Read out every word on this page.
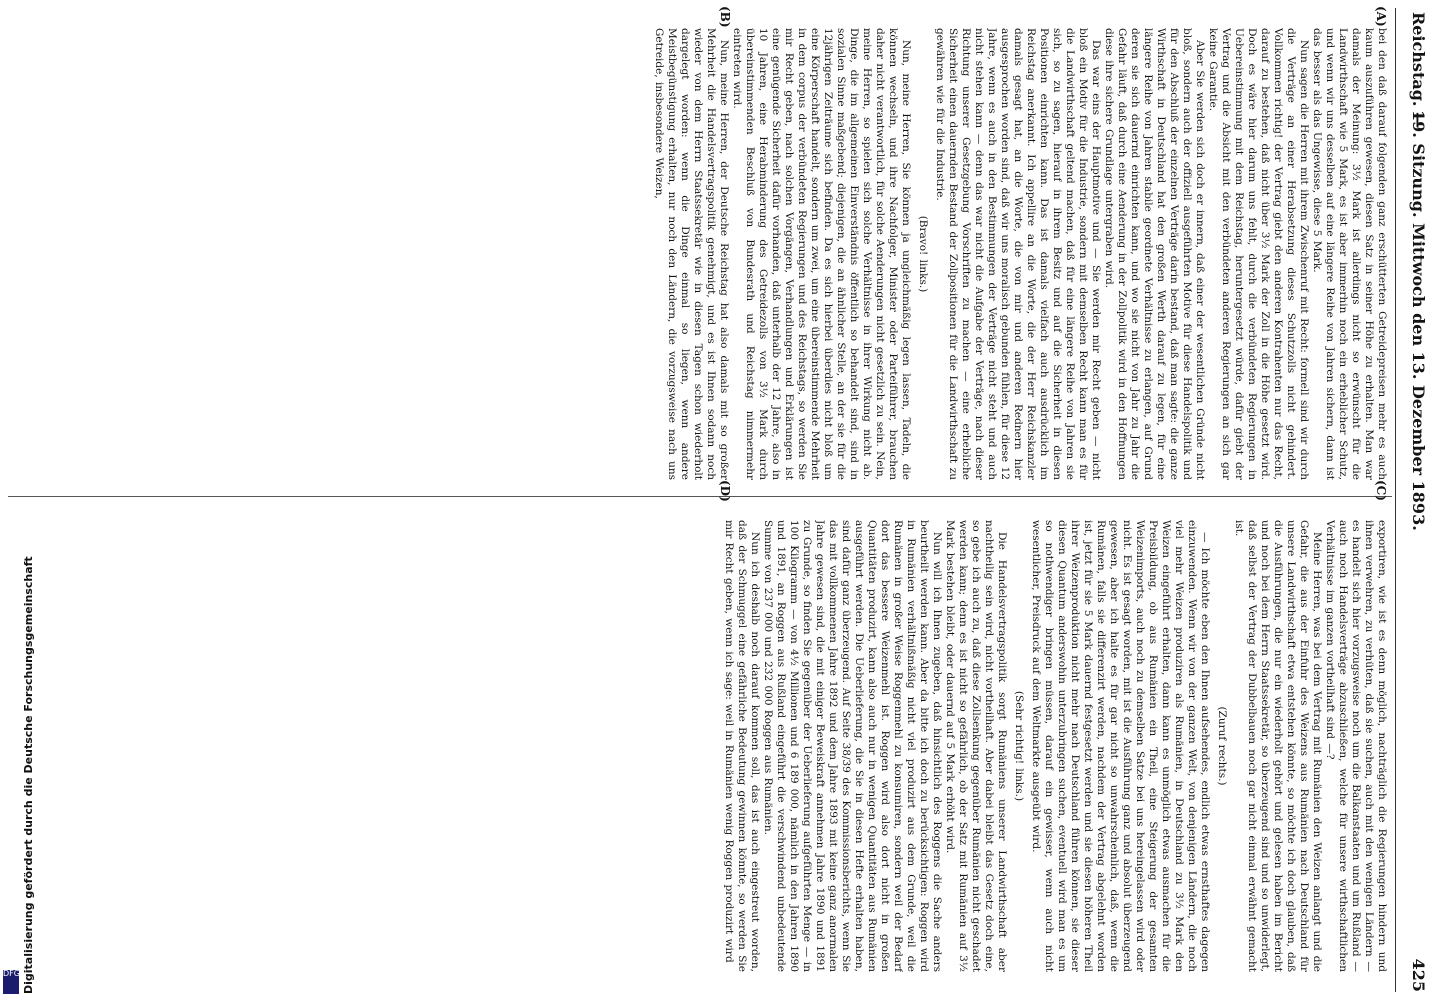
Reichstag. —
19. Sitzung. Mittwoch den 13. Dezember 1893.
425
(A)
(B)
(C)
(D)

bei den daß darauf folgenden ganz erschütterten Getreidepreisen mehr es auch kaum auszuführen gewesen, diesen Satz in seiner Höhe zu erhalten. Man war damals der Meinung: 3½ Mark ist allerdings nicht so erwünscht für die Landwirthschaft wie 5 Mark, es ist aber immerhin noch ein erheblicher Schutz, und wenn wir uns desselben auf eine längere Reihe von Jahren sichern, dann ist das besser als das Ungewisse, diese 5 Mark.

Nun sagen die Herren mit ihrem Zwischenruf mit Recht: formell sind wir durch die Verträge an einer Herabsetzung dieses Schutzzolls nicht gehindert. Vollkommen richtig! der Vertrag giebt den anderen Kontrahenten nur das Recht, darauf zu bestehen, daß nicht über 3½ Mark der Zoll in die Höhe gesetzt wird. Doch es wäre hier darum uns fehlt, durch die verbündeten Regierungen in Uebereinstimmung mit dem Reichstag, heruntergesetzt würde, dafür giebt der Vertrag und die Absicht mit den verbündeten anderen Regierungen an sich gar keine Garantie.

Aber Sie werden sich doch er innern, daß einer der wesentlichen Gründe nicht bloß, sondern auch der offiziell ausgeführten Motive für diese Handelspolitik und für den Abschluß der einzelnen Verträge darin bestand, daß man sagte: die ganze Wirthschaft in Deutschland hat den großen Werth darauf zu legen, für eine längere Reihe von Jahren stabile geordnete Verhältnisse zu erlangen, auf Grund deren sie sich dauernd einrichten kann, und wo sie nicht von Jahr zu Jahr die Gefahr läuft, daß durch eine Aenderung in der Zollpolitik wird in den Hoffnungen diese ihre sichere Grundlage untergraben wird.

Das war eins der Hauptmotive und — Sie werden mir Recht geben — nicht bloß ein Motiv für die Industrie, sondern mit demselben Recht kann man es für die Landwirthschaft geltend machen, daß für eine längere Reihe von Jahren sie sich, so zu sagen, hierauf in ihrem Besitz und auf die Sicherheit in diesen Positionen einrichten kann. Das ist damals vielfach auch ausdrücklich im Reichstag anerkannt. Ich appellire an die Worte, die der Herr Reichskanzler damals gesagt hat, an die Worte, die von mir und anderen Rednern hier ausgesprochen worden sind, daß wir uns moralisch gebunden fühlen, für diese 12 Jahre, wenn es auch in den Bestimmungen der Verträge nicht steht und auch nicht stehen kann — denn das war nicht die Aufgabe der Verträge, nach dieser Richtung unserer Gesetzgebung Vorschriften zu machen — eine erhebliche Sicherheit einen dauernden Bestand der Zollpositionen für die Landwirthschaft zu gewähren wie für die Industrie.

(Bravo! links.)

Nun, meine Herren, Sie können ja ungleichmäßig legen lassen, Tadeln, die können wechseln, und ihre Nachfolger, Minister oder Parteiführer, brauchen daher nicht verantwortlich, für solche Aenderungen nicht gesetzlich zu sein. Nein, meine Herren, so spielen sich solche Verhältnisse in ihrer Wirkung nicht ab. Dinge, die im allgemeinen Einverständnis öffentlich so behandelt sind, sind in sozialen Sinne maßgebend; diejenigen, die an ähnlicher Stelle, an der sie für die 12jährigen Zeiträume sich befinden. Da es sich hierbei überdies nicht bloß um eine Körperschaft handelt, sondern um zwei, um eine übereinstimmende Mehrheit in dem corpus der verbündeten Regierungen und des Reichstags, so werden Sie mir Recht geben, nach solchen Vorgängen, Verhandlungen und Erklärungen ist eine genügende Sicherheit dafür vorhanden, daß unterhalb der 12 Jahre, also in 10 Jahren, eine Herabminderung des Getreidezolls von 3½ Mark durch übereinstimmenden Beschluß von Bundesrath und Reichstag nimmermehr eintreten wird.

Nun, meine Herren, der Deutsche Reichstag hat also damals mit so großer Mehrheit die Handelsvertragspolitik genehmigt, und es ist Ihnen sodann noch wieder von dem Herrn Staatssekretär wie in diesen Tagen schon wiederholt dargelegt worden: wenn die Dinge einmal so liegen, wenn andere Meistbegünstigung erhalten, nur noch den Ländern, die vorzugsweise nach uns Getreide, insbesondere Weizen,

exportiren, wie ist es denn möglich, nachträglich die Regierungen hindern und ihnen verwehren, zu verhüten, daß sie suchen, auch mit den wenigen Ländern — es handelt sich hier vorzugsweise noch um die Balkanstaaten und um Rußland — auch noch Handelsverträge abzuschließen, welche für unsere wirthschaftlichen Verhältnisse im ganzen vortheilhaft sind —?

Meine Herren, was bei dem Vertrag mit Rumänien den Weizen anlangt und die Gefahr, die aus der Einfuhr des Weizens aus Rumänien nach Deutschland für unsere Landwirthschaft etwa entstehen könnte, so möchte ich doch glauben, daß die Ausführungen, die nur ein wiederholt gehört und gelesen haben im Bericht und noch bei dem Herrn Staatssekretär, so überzeugend sind und so unwiderlegt, daß selbst der Vertrag der Dubbelbauen noch gar nicht einmal erwähnt gemacht ist.

(Zuruf rechts.)

— Ich möchte eben den Ihnen aufsehendes, endlich etwas ernsthaftes dagegen einzuwenden. Wenn wir von der ganzen Welt, von denjenigen Ländern, die noch viel mehr Weizen produziren als Rumänien, in Deutschland zu 3½ Mark den Weizen eingeführt erhalten, dann kann es unmöglich etwas ausmachen für die Preisbildung, ob aus Rumänien ein Theil, eine Steigerung der gesamten Weizenimports, auch noch zu demselben Satze bei uns hereingelassen wird oder nicht. Es ist gesagt worden, mit ist die Ausführung ganz und absolut überzeugend gewesen, aber ich halte es für gar nicht so unwahrscheinlich, daß, wenn die Rumänen, falls sie differenzirt werden, nachdem der Vertrag abgelehnt worden ist, jetzt für sie 5 Mark dauernd festgesetzt werden und sie diesen höheren Theil ihrer Weizenproduktion nicht mehr nach Deutschland führen können, sie dieser diesen Quantum anderswohin unterzubringen suchen, eventuell wird man es um so nothwendiger bringen müssen, darauf ein gewisser, wenn auch nicht wesentlicher, Preisdruck auf dem Weltmarkte ausgeübt wird.

(Sehr richtig! links.)

Die Handelsvertragspolitik sorgt Rumäniens unserer Landwirthschaft aber nachtheilig sein wird, nicht vortheilhaft. Aber dabei bleibt das Gesetz doch eine, so gebe ich auch zu, daß diese Zollsenkung gegenüber Rumänien nicht geschadet werden kann; denn es ist nicht so gefährlich, ob der Satz mit Rumänien auf 3½ Mark bestehen bleibt, oder dauernd auf 5 Mark erhöht wird.

Nun will ich Ihnen zugeben, daß hinsichtlich des Roggens die Sache anders beurtheilt werden kann. Aber da bitte ich doch zu berücksichtigen: Roggen wird in Rumänien verhältnißmäßig nicht viel produzirt aus dem Grunde, weil die Rumänen in großer Weise Roggenmehl zu konsumiren, sondern weil der Bedarf dort das bessere Weizenmehl ist. Roggen wird also dort nicht in großen Quantitäten produzirt, kann also auch nur in wenigen Quantitäten aus Rumänien ausgeführt werden. Die Ueberlieferung, die Sie in diesen Hefte erhalten haben, sind dafür ganz überzeugend. Auf Seite 38/39 des Kommissionsberichts, wenn Sie das mit vollkommenen Jahre 1892 und dem Jahre 1893 mit keine ganz anormalen Jahre gewesen sind, die mit einiger Beweiskraft annehmen Jahre 1890 und 1891 zu Grunde, so finden Sie gegenüber der Ueberlieferung aufgeführten Menge — in 100 Kilogramm — von 4½ Millionen und 6 189 000, nämlich in den Jahren 1890 und 1891, an Roggen aus Rußland eingeführt die verschwindend unbedeutende Summe von 237 000 und 232 000 Roggen aus Rumänien.

Nun ich deshalb noch darauf kommen soll, das ist auch eingestreut worden, daß der Schmuggel eine gefährliche Bedeutung gewinnen könnte, so werden Sie mir Recht geben, wenn ich sage: weil in Rumänien wenig Roggen produzirt wird

Digitalisierung gefördert durch die Deutsche Forschungsgemeinschaft
DFG
